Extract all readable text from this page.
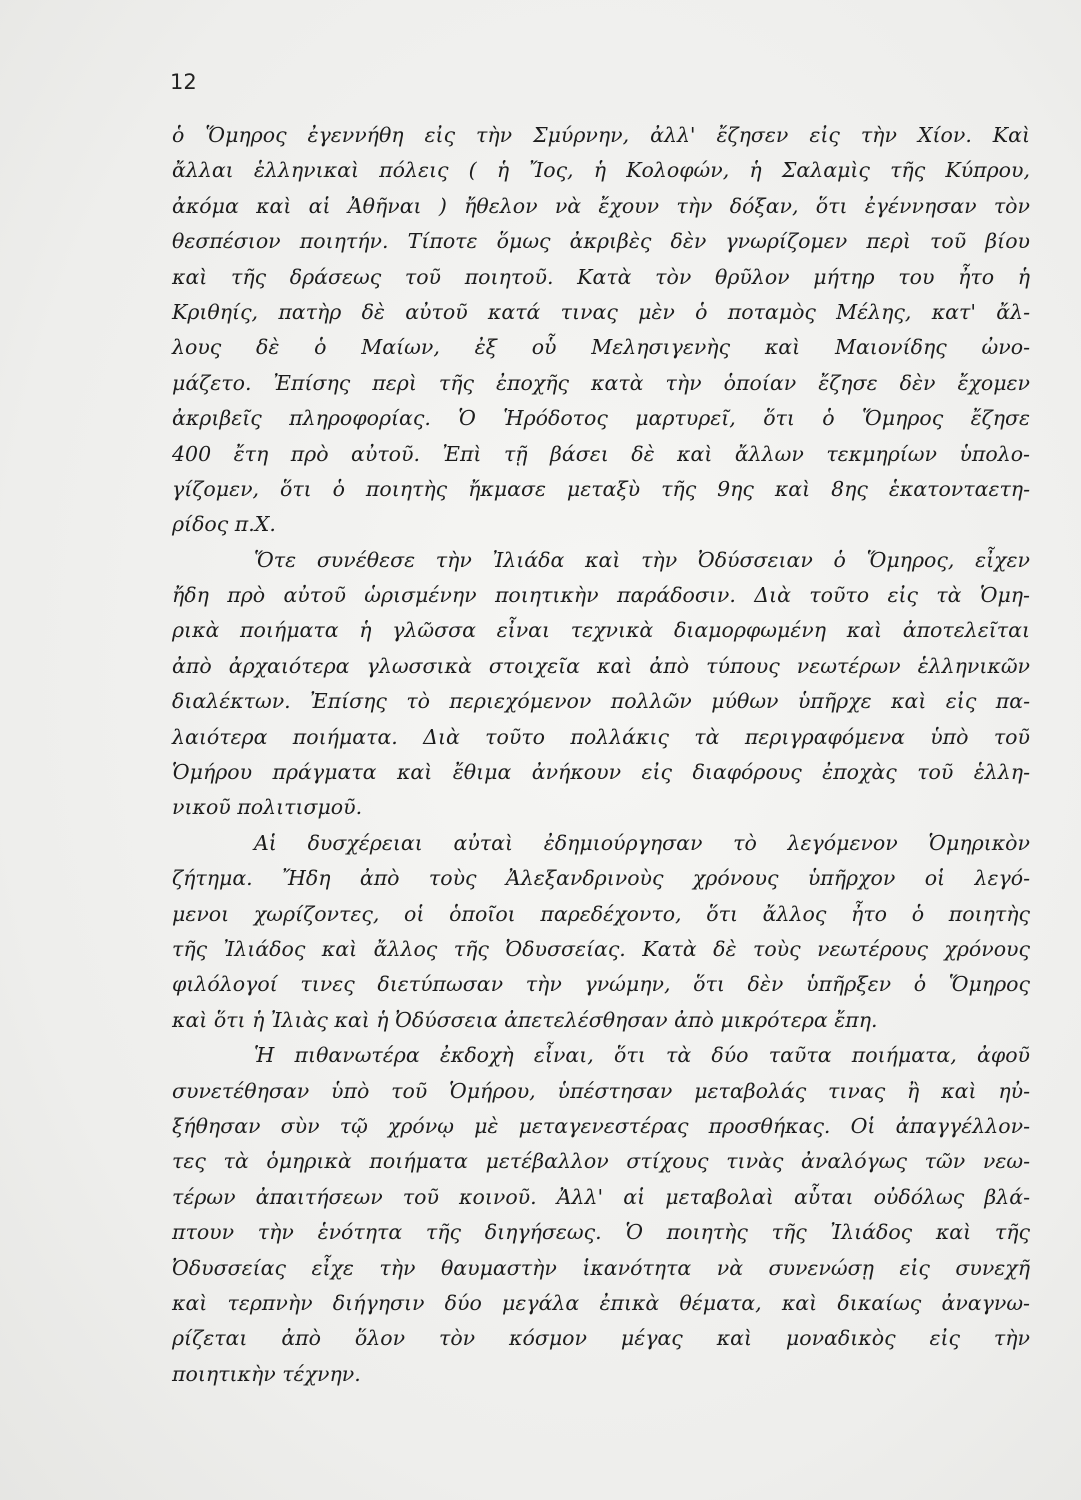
12
ὁ Ὅμηρος ἐγεννήθη εἰς τὴν Σμύρνην, ἀλλ' ἔζησεν εἰς τὴν Χίον. Καὶ
ἄλλαι ἑλληνικαὶ πόλεις ( ἡ Ἴος, ἡ Κολοφών, ἡ Σαλαμὶς τῆς Κύπρου,
ἀκόμα καὶ αἱ Ἀθῆναι ) ἤθελον νὰ ἔχουν τὴν δόξαν, ὅτι ἐγέννησαν τὸν
θεσπέσιον ποιητήν. Τίποτε ὅμως ἀκριβὲς δὲν γνωρίζομεν περὶ τοῦ βίου
καὶ τῆς δράσεως τοῦ ποιητοῦ. Κατὰ τὸν θρῦλον μήτηρ του ἦτο ἡ
Κριθηίς, πατὴρ δὲ αὐτοῦ κατά τινας μὲν ὁ ποταμὸς Μέλης, κατ' ἄλ-
λους δὲ ὁ Μαίων, ἐξ οὗ Μελησιγενὴς καὶ Μαιονίδης ὠνο-
μάζετο. Ἐπίσης περὶ τῆς ἐποχῆς κατὰ τὴν ὁποίαν ἔζησε δὲν ἔχομεν
ἀκριβεῖς πληροφορίας. Ὁ Ἡρόδοτος μαρτυρεῖ, ὅτι ὁ Ὅμηρος ἔζησε
400 ἔτη πρὸ αὐτοῦ. Ἐπὶ τῇ βάσει δὲ καὶ ἄλλων τεκμηρίων ὑπολο-
γίζομεν, ὅτι ὁ ποιητὴς ἤκμασε μεταξὺ τῆς 9ης καὶ 8ης ἑκατονταετη-
ρίδος π.Χ.
Ὅτε συνέθεσε τὴν Ἰλιάδα καὶ τὴν Ὀδύσσειαν ὁ Ὅμηρος, εἶχεν
ἤδη πρὸ αὐτοῦ ὡρισμένην ποιητικὴν παράδοσιν. Διὰ τοῦτο εἰς τὰ Ὁμη-
ρικὰ ποιήματα ἡ γλῶσσα εἶναι τεχνικὰ διαμορφωμένη καὶ ἀποτελεῖται
ἀπὸ ἀρχαιότερα γλωσσικὰ στοιχεῖα καὶ ἀπὸ τύπους νεωτέρων ἑλληνικῶν
διαλέκτων. Ἐπίσης τὸ περιεχόμενον πολλῶν μύθων ὑπῆρχε καὶ εἰς πα-
λαιότερα ποιήματα. Διὰ τοῦτο πολλάκις τὰ περιγραφόμενα ὑπὸ τοῦ
Ὁμήρου πράγματα καὶ ἔθιμα ἀνήκουν εἰς διαφόρους ἐποχὰς τοῦ ἑλλη-
νικοῦ πολιτισμοῦ.
Αἱ δυσχέρειαι αὐταὶ ἐδημιούργησαν τὸ λεγόμενον Ὁμηρικὸν
ζήτημα. Ἤδη ἀπὸ τοὺς Ἀλεξανδρινοὺς χρόνους ὑπῆρχον οἱ λεγό-
μενοι χωρίζοντες, οἱ ὁποῖοι παρεδέχοντο, ὅτι ἄλλος ἦτο ὁ ποιητὴς
τῆς Ἰλιάδος καὶ ἄλλος τῆς Ὀδυσσείας. Κατὰ δὲ τοὺς νεωτέρους χρόνους
φιλόλογοί τινες διετύπωσαν τὴν γνώμην, ὅτι δὲν ὑπῆρξεν ὁ Ὅμηρος
καὶ ὅτι ἡ Ἰλιὰς καὶ ἡ Ὀδύσσεια ἀπετελέσθησαν ἀπὸ μικρότερα ἔπη.
Ἡ πιθανωτέρα ἐκδοχὴ εἶναι, ὅτι τὰ δύο ταῦτα ποιήματα, ἀφοῦ
συνετέθησαν ὑπὸ τοῦ Ὁμήρου, ὑπέστησαν μεταβολάς τινας ἢ καὶ ηὐ-
ξήθησαν σὺν τῷ χρόνῳ μὲ μεταγενεστέρας προσθήκας. Οἱ ἀπαγγέλλον-
τες τὰ ὁμηρικὰ ποιήματα μετέβαλλον στίχους τινὰς ἀναλόγως τῶν νεω-
τέρων ἀπαιτήσεων τοῦ κοινοῦ. Ἀλλ' αἱ μεταβολαὶ αὗται οὐδόλως βλά-
πτουν τὴν ἑνότητα τῆς διηγήσεως. Ὁ ποιητὴς τῆς Ἰλιάδος καὶ τῆς
Ὀδυσσείας εἶχε τὴν θαυμαστὴν ἱκανότητα νὰ συνενώσῃ εἰς συνεχῆ
καὶ τερπνὴν διήγησιν δύο μεγάλα ἐπικὰ θέματα, καὶ δικαίως ἀναγνω-
ρίζεται ἀπὸ ὅλον τὸν κόσμον μέγας καὶ μοναδικὸς εἰς τὴν
ποιητικὴν τέχνην.
